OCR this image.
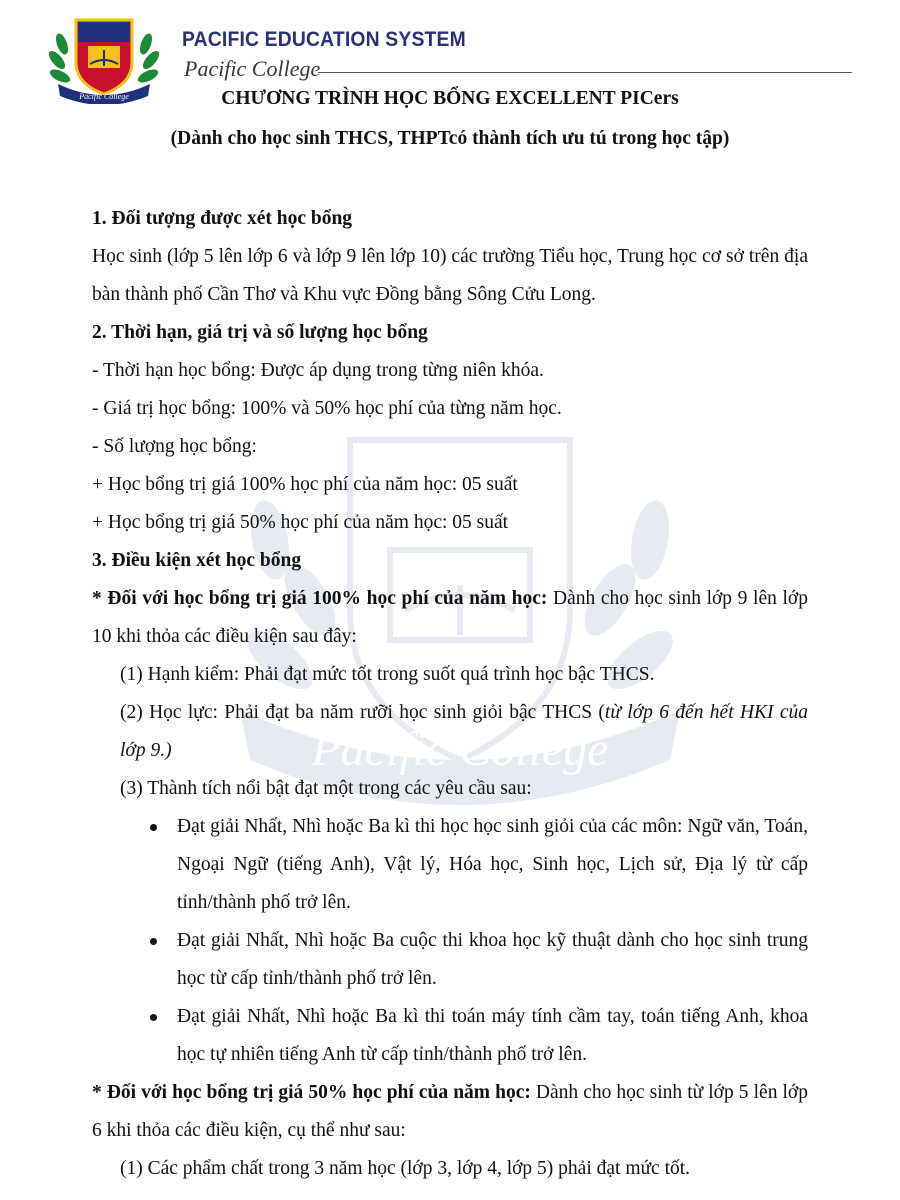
Pacific College
Pacific College
PACIFIC EDUCATION SYSTEM
Pacific College
CHƯƠNG TRÌNH HỌC BỔNG EXCELLENT PICers
(Dành cho học sinh THCS, THPTcó thành tích ưu tú trong học tập)

1. Đối tượng được xét học bổng

Học sinh (lớp 5 lên lớp 6 và lớp 9 lên lớp 10) các trường Tiểu học, Trung học cơ sở trên địa bàn thành phố Cần Thơ và Khu vực Đồng bằng Sông Cửu Long.

2. Thời hạn, giá trị và số lượng học bổng

- Thời hạn học bổng: Được áp dụng trong từng niên khóa.

- Giá trị học bổng: 100% và 50% học phí của từng năm học.

- Số lượng học bổng:

+ Học bổng trị giá 100% học phí của năm học: 05 suất

+ Học bổng trị giá 50% học phí của năm học: 05 suất

3. Điều kiện xét học bổng

* Đối với học bổng trị giá 100% học phí của năm học: Dành cho học sinh lớp 9 lên lớp 10 khi thỏa các điều kiện sau đây:

(1) Hạnh kiểm: Phải đạt mức tốt trong suốt quá trình học bậc THCS.

(2) Học lực: Phải đạt ba năm rưỡi học sinh giỏi bậc THCS (từ lớp 6 đến hết HKI của lớp 9.)

(3) Thành tích nổi bật đạt một trong các yêu cầu sau:

Đạt giải Nhất, Nhì hoặc Ba kì thi học học sinh giỏi của các môn: Ngữ văn, Toán, Ngoại Ngữ (tiếng Anh), Vật lý, Hóa học, Sinh học, Lịch sử, Địa lý từ cấp tỉnh/thành phố trở lên.

Đạt giải Nhất, Nhì hoặc Ba cuộc thi khoa học kỹ thuật dành cho học sinh trung học từ cấp tỉnh/thành phố trở lên.

Đạt giải Nhất, Nhì hoặc Ba kì thi toán máy tính cầm tay, toán tiếng Anh, khoa học tự nhiên tiếng Anh từ cấp tỉnh/thành phố trở lên.

* Đối với học bổng trị giá 50% học phí của năm học: Dành cho học sinh từ lớp 5 lên lớp 6 khi thỏa các điều kiện, cụ thể như sau:

(1) Các phẩm chất trong 3 năm học (lớp 3, lớp 4, lớp 5) phải đạt mức tốt.
